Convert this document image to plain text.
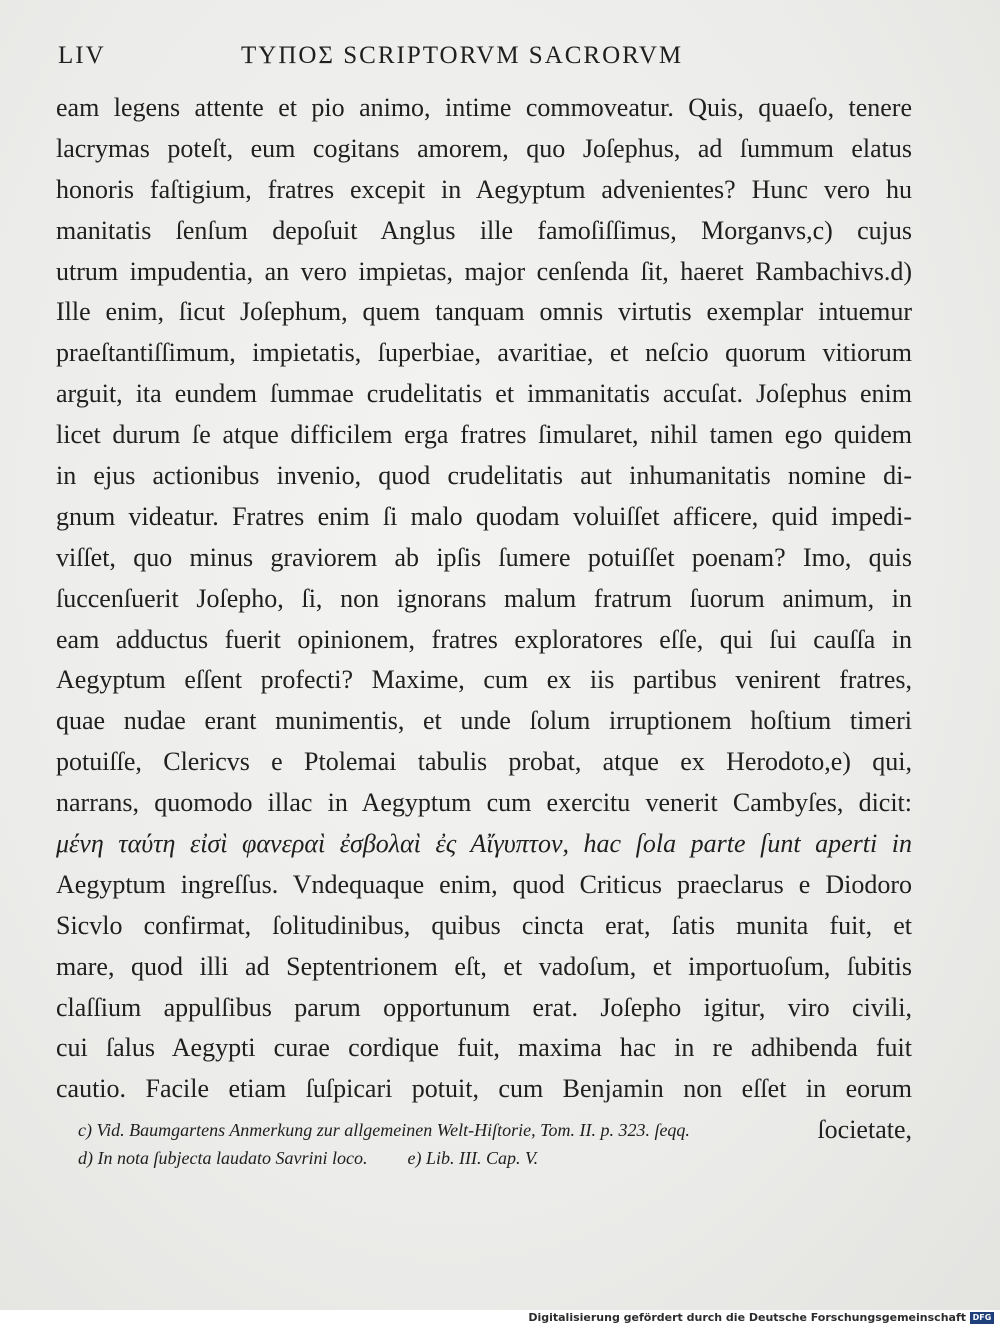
LIV	ΤΥΠΟΣ SCRIPTORVM SACRORVM
eam legens attente et pio animo, intime commoveatur. Quis, quaeſo, tenere
lacrymas poteſt, eum cogitans amorem, quo Joſephus, ad ſummum elatus
honoris faſtigium, fratres excepit in Aegyptum advenientes? Hunc vero hu
manitatis ſenſum depoſuit Anglus ille famoſiſſimus, Morganvs,c) cujus
utrum impudentia, an vero impietas, major cenſenda ſit, haeret Rambachivs.d)
Ille enim, ſicut Joſephum, quem tanquam omnis virtutis exemplar intuemur
praeſtantiſſimum, impietatis, ſuperbiae, avaritiae, et neſcio quorum vitiorum
arguit, ita eundem ſummae crudelitatis et immanitatis accuſat. Joſephus enim
licet durum ſe atque difficilem erga fratres ſimularet, nihil tamen ego quidem
in ejus actionibus invenio, quod crudelitatis aut inhumanitatis nomine di-
gnum videatur. Fratres enim ſi malo quodam voluiſſet afficere, quid impedi-
viſſet, quo minus graviorem ab ipſis ſumere potuiſſet poenam? Imo, quis
ſuccenſuerit Joſepho, ſi, non ignorans malum fratrum ſuorum animum, in
eam adductus fuerit opinionem, fratres exploratores eſſe, qui ſui cauſſa in
Aegyptum eſſent profecti? Maxime, cum ex iis partibus venirent fratres,
quae nudae erant munimentis, et unde ſolum irruptionem hoſtium timeri
potuiſſe, Clericvs e Ptolemai tabulis probat, atque ex Herodoto,e) qui,
narrans, quomodo illac in Aegyptum cum exercitu venerit Cambyſes, dicit:
μένη ταύτη εἰσὶ φανεραὶ ἐσβολαὶ ἐς Αἴγυπτον, hac ſola parte ſunt aperti in
Aegyptum ingreſſus. Vndequaque enim, quod Criticus praeclarus e Diodoro
Sicvlo confirmat, ſolitudinibus, quibus cincta erat, ſatis munita fuit, et
mare, quod illi ad Septentrionem eſt, et vadoſum, et importuoſum, ſubitis
claſſium appulſibus parum opportunum erat. Joſepho igitur, viro civili,
cui ſalus Aegypti curae cordique fuit, maxima hac in re adhibenda fuit
cautio. Facile etiam ſuſpicari potuit, cum Benjamin non eſſet in eorum
ſocietate,
c) Vid. Baumgartens Anmerkung zur allgemeinen Welt-Hiſtorie, Tom. II. p. 323. ſeqq.
d) In nota ſubjecta laudato Savrini loco. e) Lib. III. Cap. V.
Digitalisierung gefördert durch die Deutsche Forschungsgemeinschaft DFG
